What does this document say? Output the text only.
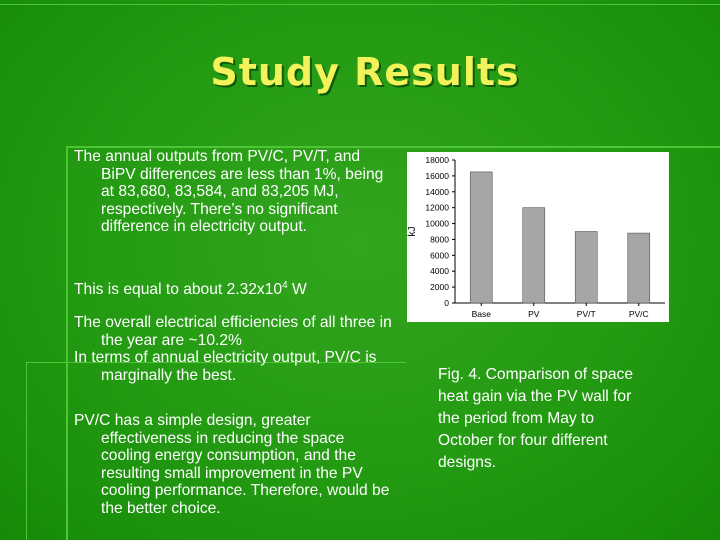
Study Results

The annual outputs from PV/C, PV/T, and BiPV differences are less than 1%, being at 83,680, 83,584, and 83,205 MJ, respectively. There’s no significant difference in electricity output.

This is equal to about $2.32x10^4$ W

The overall electrical efficiencies of all three in the year are ~10.2%

In terms of annual electricity output, PV/C is marginally the best.

PV/C has a simple design, greater effectiveness in reducing the space cooling energy consumption, and the resulting small improvement in the PV cooling performance. Therefore, would be the better choice.

0
2000
4000
6000
8000
10000
12000
14000
16000
18000
kJ
Base	PV	PV/T	PV/C
Fig. 4. Comparison of space heat gain via the PV wall for the period from May to October for four different designs.
